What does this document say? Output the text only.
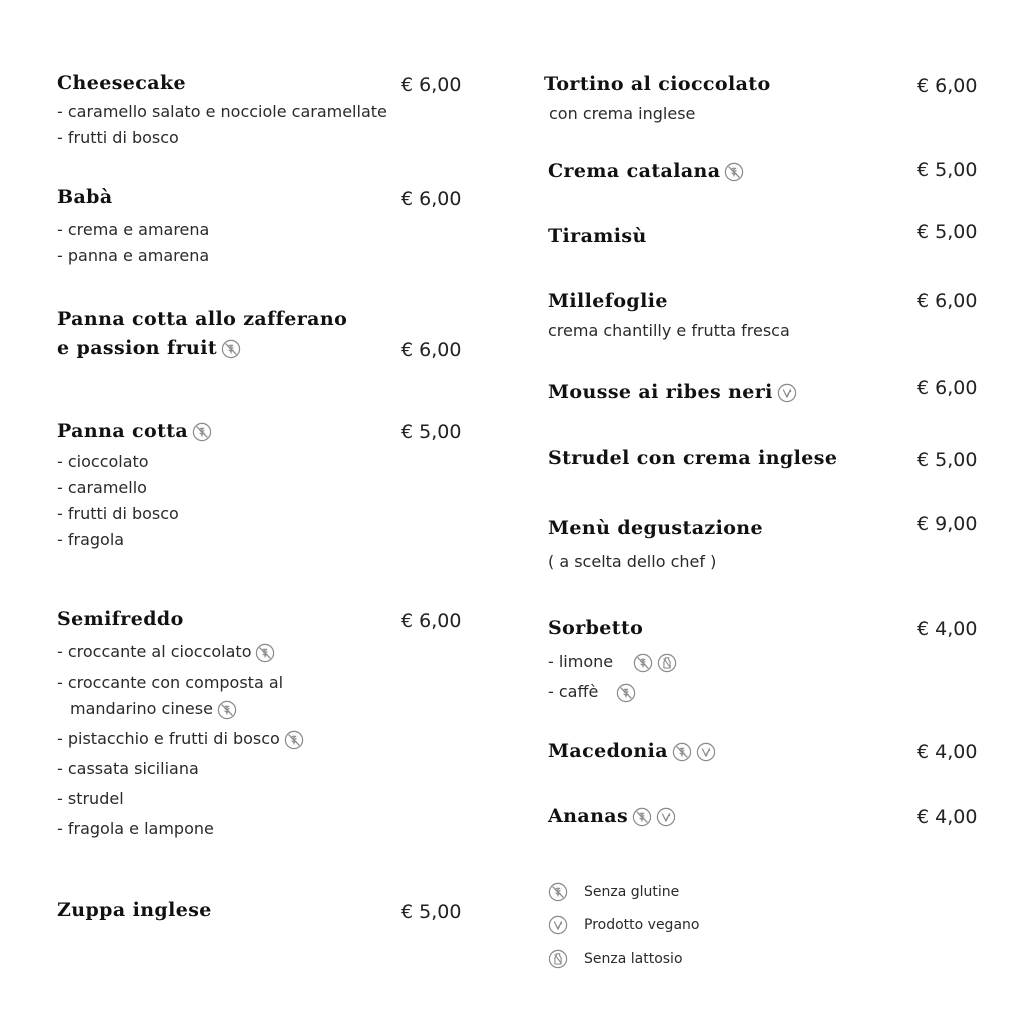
Cheesecake	€ 6,00
- caramello salato e nocciole caramellate
- frutti di bosco
Babà	€ 6,00
- crema e amarena
- panna e amarena
Panna cotta allo zafferano
e passion fruit	€ 6,00
Panna cotta	€ 5,00
- cioccolato
- caramello
- frutti di bosco
- fragola
Semifreddo	€ 6,00
- croccante al cioccolato
- croccante con composta al
mandarino cinese
- pistacchio e frutti di bosco
- cassata siciliana
- strudel
- fragola e lampone
Zuppa inglese	€ 5,00
Tortino al cioccolato	€ 6,00
con crema inglese
Crema catalana	€ 5,00
Tiramisù	€ 5,00
Millefoglie	€ 6,00
crema chantilly e frutta fresca
Mousse ai ribes neri	€ 6,00
Strudel con crema inglese	€ 5,00
Menù degustazione	€ 9,00
( a scelta dello chef )
Sorbetto	€ 4,00
- limone
- caffè
Macedonia	€ 4,00
Ananas	€ 4,00
Senza glutine
Prodotto vegano
Senza lattosio
